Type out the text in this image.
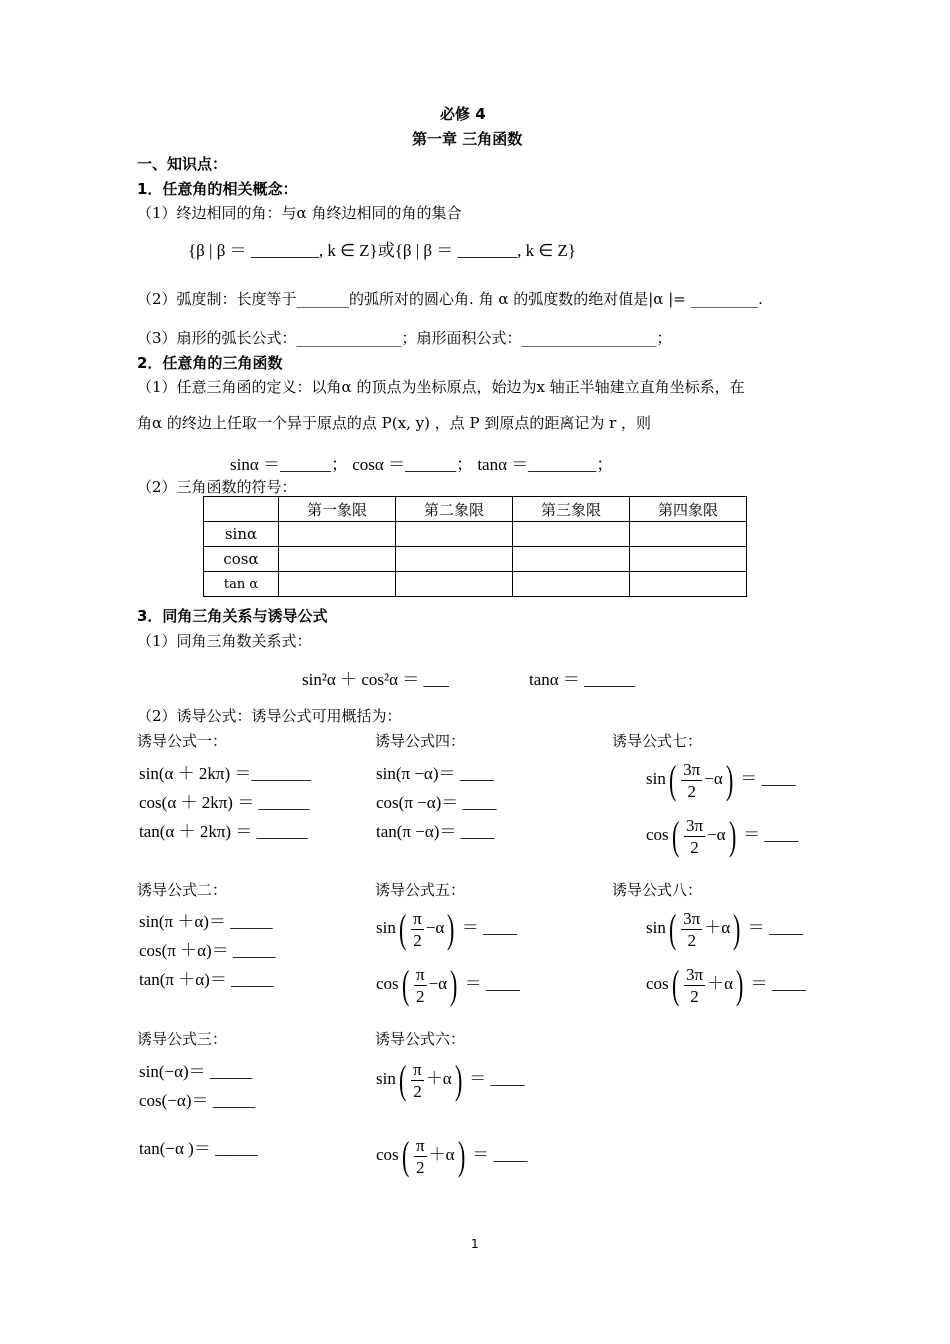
必修 4
第一章 三角函数
一、知识点：
1．任意角的相关概念：
（1）终边相同的角：与α 角终边相同的角的集合
{β | β ＝ ________, k ∈ Z}或{β | β ＝ _______, k ∈ Z}
（2）弧度制：长度等于_______的弧所对的圆心角. 角 α 的弧度数的绝对值是|α |= _________.
（3）扇形的弧长公式：______________；扇形面积公式：__________________；
2．任意角的三角函数
（1）任意三角函的定义：以角α 的顶点为坐标原点，始边为x 轴正半轴建立直角坐标系，在
角α 的终边上任取一个异于原点的点 P(x, y) ，点 P 到原点的距离记为 r ，则
sinα ＝______； cosα ＝______； tanα ＝________；
（2）三角函数的符号：
	第一象限	第二象限	第三象限	第四象限
sinα				
cosα				
tan α				
3．同角三角关系与诱导公式
（1）同角三角数关系式：
sin²α ＋ cos²α ＝ ___	tanα ＝ ______
（2）诱导公式：诱导公式可用概括为：
诱导公式一：
sin(α ＋ 2kπ) ＝_______
cos(α ＋ 2kπ) ＝ ______
tan(α ＋ 2kπ) ＝ ______
诱导公式四：
sin(π −α)＝ ____
cos(π −α)＝ ____
tan(π −α)＝ ____
诱导公式七：
$\sin( \frac{3\pi}{2} -\alpha)$ ＝ ____
$\cos( \frac{3\pi}{2} -\alpha)$ ＝ ____
诱导公式二：
sin(π ＋α)＝ _____
cos(π ＋α)＝ _____
tan(π ＋α)＝ _____
诱导公式五：
$\sin( \frac{\pi}{2} -\alpha)$ ＝ ____
$\cos( \frac{\pi}{2} -\alpha)$ ＝ ____
诱导公式八：
$\sin( \frac{3\pi}{2} +\alpha)$ ＝ ____
$\cos( \frac{3\pi}{2} +\alpha)$ ＝ ____
诱导公式三：
sin(−α)＝ _____
cos(−α)＝ _____
tan(−α )＝ _____
诱导公式六：
$\sin( \frac{\pi}{2} +\alpha)$ ＝ ____
$\cos( \frac{\pi}{2} +\alpha)$ ＝ ____
1
